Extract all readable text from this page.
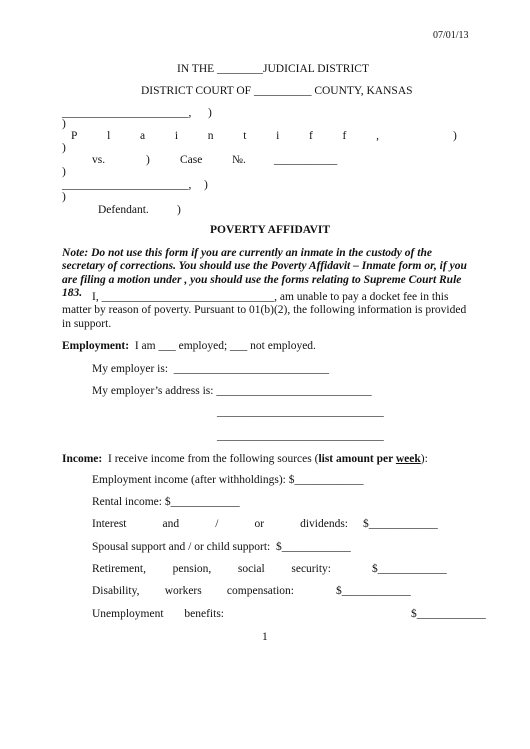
07/01/13
IN THE ________JUDICIAL DISTRICT
DISTRICT COURT OF __________ COUNTY, KANSAS
______________________, )
)
P	l	a	i	n	t	i	f	f	,	)
)
vs.	)	Case	№. ___________
)
______________________, )
)
Defendant. )
POVERTY AFFIDAVIT
Note: Do not use this form if you are currently an inmate in the custody of the secretary of corrections. You should use the Poverty Affidavit – Inmate form or, if you are filing a motion under , you should use the forms relating to Supreme Court Rule 183. I, ______________________________, am unable to pay a docket fee in this matter by reason of poverty. Pursuant to 01(b)(2), the following information is provided in support.
Employment:  I am ___ employed; ___ not employed.
My employer is:  ___________________________
My employer’s address is: ___________________________
_____________________________
_____________________________
Income:  I receive income from the following sources (list amount per week):
Employment income (after withholdings): $____________
Rental income: $____________
Interest	and	/	or	dividends: $____________
Spousal support and / or child support:  $____________
Retirement, pension, social security:	$____________
Disability, workers compensation:	$____________
Unemployment benefits:	$____________
1
